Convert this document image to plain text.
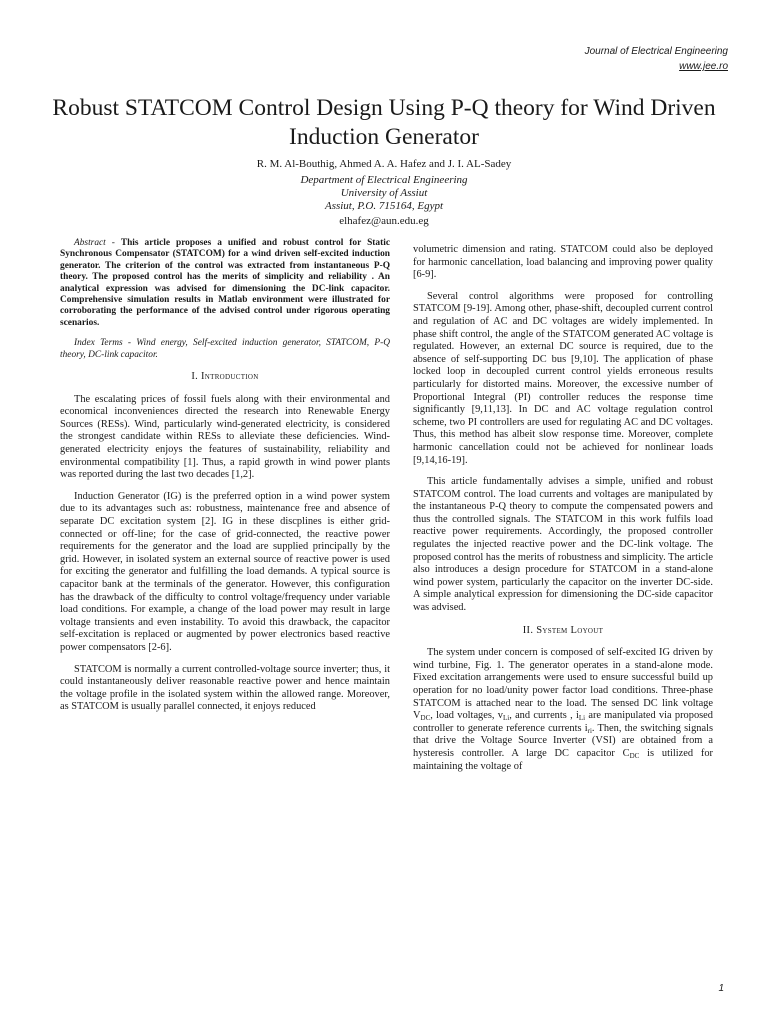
Journal of Electrical Engineering
www.jee.ro
Robust STATCOM Control Design Using P-Q theory for Wind Driven Induction Generator
R. M. Al-Bouthig, Ahmed A. A. Hafez and J. I. AL-Sadey
Department of Electrical Engineering
University of Assiut
Assiut, P.O. 715164, Egypt
elhafez@aun.edu.eg

Abstract - This article proposes a unified and robust control for Static Synchronous Compensator (STATCOM) for a wind driven self-excited induction generator. The criterion of the control was extracted from instantaneous P-Q theory. The proposed control has the merits of simplicity and reliability . An analytical expression was advised for dimensioning the DC-link capacitor. Comprehensive simulation results in Matlab environment were illustrated for corroborating the performance of the advised control under rigorous operating scenarios.

Index Terms - Wind energy, Self-excited induction generator, STATCOM, P-Q theory, DC-link capacitor.

I. Introduction

The escalating prices of fossil fuels along with their environmental and economical inconveniences directed the research into Renewable Energy Sources (RESs). Wind, particularly wind-generated electricity, is considered the strongest candidate within RESs to alleviate these deficiencies. Wind-generated electricity enjoys the features of sustainability, reliability and environmental compatibility [1]. Thus, a rapid growth in wind power plants was reported during the last two decades [1,2].

Induction Generator (IG) is the preferred option in a wind power system due to its advantages such as: robustness, maintenance free and absence of separate DC excitation system [2]. IG in these discplines is either grid-connected or off-line; for the case of grid-connected, the reactive power requirements for the generator and the load are supplied principally by the grid. However, in isolated system an external source of reactive power is used for exciting the generator and fulfilling the load demands. A typical source is capacitor bank at the terminals of the generator. However, this configuration has the drawback of the difficulty to control voltage/frequency under variable load conditions. For example, a change of the load power may result in large voltage transients and even instability. To avoid this drawback, the capacitor self-excitation is replaced or augmented by power electronics based reactive power compensators [2-6].

STATCOM is normally a current controlled-voltage source inverter; thus, it could instantaneously deliver reasonable reactive power and hence maintain the voltage profile in the isolated system within the allowed range. Moreover, as STATCOM is usually parallel connected, it enjoys reduced

volumetric dimension and rating. STATCOM could also be deployed for harmonic cancellation, load balancing and improving power quality [6-9].

Several control algorithms were proposed for controlling STATCOM [9-19]. Among other, phase-shift, decoupled current control and regulation of AC and DC voltages are widely implemented. In phase shift control, the angle of the STATCOM generated AC voltage is regulated. However, an external DC source is required, due to the absence of self-supporting DC bus [9,10]. The application of phase locked loop in decoupled current control yields erroneous results particularly for distorted mains. Moreover, the excessive number of Proportional Integral (PI) controller reduces the response time significantly [9,11,13]. In DC and AC voltage regulation control scheme, two PI controllers are used for regulating AC and DC voltages. Thus, this method has albeit slow response time. Moreover, complete harmonic cancellation could not be achieved for nonlinear loads [9,14,16-19].

This article fundamentally advises a simple, unified and robust STATCOM control. The load currents and voltages are manipulated by the instantaneous P-Q theory to compute the compensated powers and thus the controlled signals. The STATCOM in this work fulfils load reactive power requirements. Accordingly, the proposed controller regulates the injected reactive power and the DC-link voltage. The proposed control has the merits of robustness and simplicity. The article also introduces a design procedure for STATCOM in a stand-alone wind power system, particularly the capacitor on the inverter DC-side. A simple analytical expression for dimensioning the DC-side capacitor was advised.

II. System Loyout

The system under concern is composed of self-excited IG driven by wind turbine, Fig. 1. The generator operates in a stand-alone mode. Fixed excitation arrangements were used to ensure successful build up operation for no load/unity power factor load conditions. Three-phase STATCOM is attached near to the load. The sensed DC link voltage $V_{DC}$, load voltages, $v_{Li}$, and currents , $i_{Li}$ are manipulated via proposed controller to generate reference currents $i_{ri}$. Then, the switching signals that drive the Voltage Source Inverter (VSI) are obtained from a hysteresis controller. A large DC capacitor $C_{DC}$ is utilized for maintaining the voltage of

1
